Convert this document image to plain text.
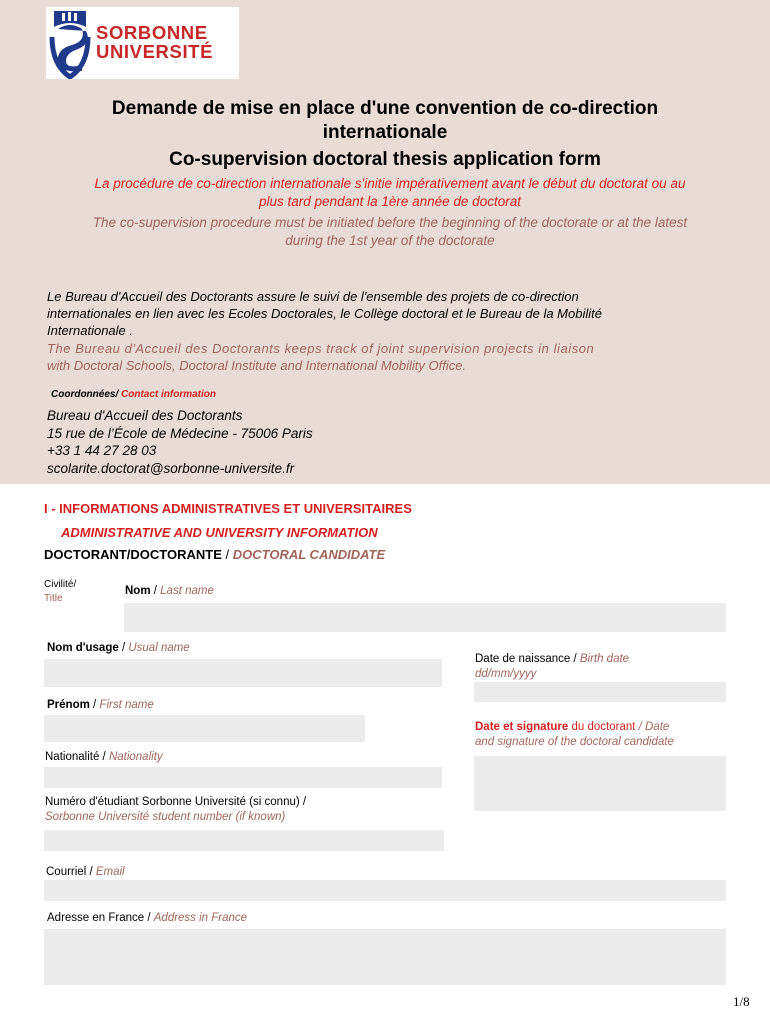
SORBONNE
UNIVERSITÉ
Demande de mise en place d'une convention de co-direction
internationale
Co-supervision doctoral thesis application form
La procédure de co-direction internationale s'initie impérativement avant le début du doctorat ou au
plus tard pendant la 1ère année de doctorat
The co-supervision procedure must be initiated before the beginning of the doctorate or at the latest
during the 1st year of the doctorate
Le Bureau d'Accueil des Doctorants assure le suivi de l'ensemble des projets de co-direction
internationales en lien avec les Ecoles Doctorales, le Collège doctoral et le Bureau de la Mobilité
Internationale .
The Bureau d'Accueil des Doctorants keeps track of joint supervision projects in liaison
with Doctoral Schools, Doctoral Institute and International Mobility Office.
Coordonnées/ Contact information
Bureau d'Accueil des Doctorants
15 rue de l’École de Médecine - 75006 Paris
+33 1 44 27 28 03
scolarite.doctorat@sorbonne-universite.fr
I - INFORMATIONS ADMINISTRATIVES ET UNIVERSITAIRES
ADMINISTRATIVE AND UNIVERSITY INFORMATION
DOCTORANT/DOCTORANTE / DOCTORAL CANDIDATE
Civilité/
Title
Nom / Last name
Nom d'usage / Usual name
Date de naissance / Birth date
dd/mm/yyyy
Prénom / First name
Date et signature du doctorant / Date
and signature of the doctoral candidate
Nationalité / Nationality
Numéro d'étudiant Sorbonne Université (si connu) /
Sorbonne Université student number (if known)
Courriel / Email
Adresse en France / Address in France
1/8
